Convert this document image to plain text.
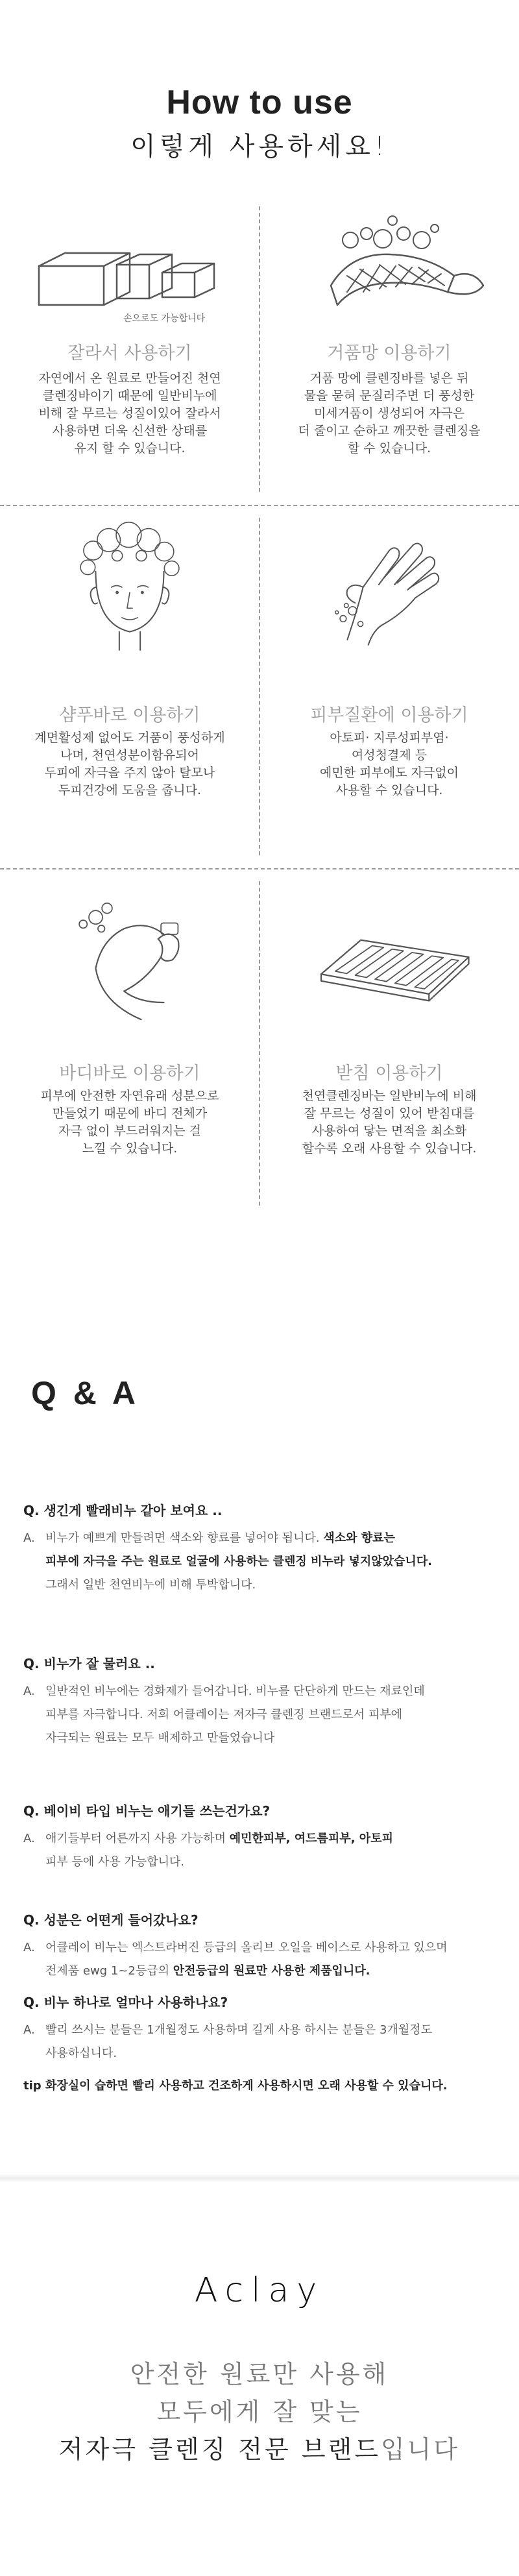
How to use
이렇게 사용하세요!
손으로도 가능합니다
잘라서 사용하기
자연에서 온 원료로 만들어진 천연
클렌징바이기 때문에 일반비누에
비해 잘 무르는 성질이있어 잘라서
사용하면 더욱 신선한 상태를
유지 할 수 있습니다.
거품망 이용하기
거품 망에 클렌징바를 넣은 뒤
물을 묻혀 문질러주면 더 풍성한
미세거품이 생성되어 자극은
더 줄이고 순하고 깨끗한 클렌징을
할 수 있습니다.
샴푸바로 이용하기
계면활성제 없어도 거품이 풍성하게
나며, 천연성분이함유되어
두피에 자극을 주지 않아 탈모나
두피건강에 도움을 줍니다.
피부질환에 이용하기
아토피· 지루성피부염·
여성청결제 등
예민한 피부에도 자극없이
사용할 수 있습니다.
바디바로 이용하기
피부에 안전한 자연유래 성분으로
만들었기 때문에 바디 전체가
자극 없이 부드러워지는 걸
느낄 수 있습니다.
받침 이용하기
천연클렌징바는 일반비누에 비해
잘 무르는 성질이 있어 받침대를
사용하여 닿는 면적을 최소화
할수록 오래 사용할 수 있습니다.
Q & A
Q. 생긴게 빨래비누 같아 보여요 ..
A. 비누가 예쁘게 만들려면 색소와 향료를 넣어야 됩니다. 색소와 향료는
피부에 자극을 주는 원료로 얼굴에 사용하는 클렌징 비누라 넣지않았습니다.
그래서 일반 천연비누에 비해 투박합니다.
Q. 비누가 잘 물러요 ..
A. 일반적인 비누에는 경화제가 들어갑니다. 비누를 단단하게 만드는 재료인데
피부를 자극합니다. 저희 어클레이는 저자극 클렌징 브랜드로서 피부에
자극되는 원료는 모두 배제하고 만들었습니다
Q. 베이비 타입 비누는 애기들 쓰는건가요?
A. 애기들부터 어른까지 사용 가능하며 예민한피부, 여드름피부, 아토피
피부 등에 사용 가능합니다.
Q. 성분은 어떤게 들어갔나요?
A. 어클레이 비누는 엑스트라버진 등급의 올리브 오일을 베이스로 사용하고 있으며
전제품 ewg 1~2등급의 안전등급의 원료만 사용한 제품입니다.
Q. 비누 하나로 얼마나 사용하나요?
A. 빨리 쓰시는 분들은 1개월정도 사용하며 길게 사용 하시는 분들은 3개월정도
사용하십니다.
tip 화장실이 습하면 빨리 사용하고 건조하게 사용하시면 오래 사용할 수 있습니다.
Aclay
안전한 원료만 사용해
모두에게 잘 맞는
저자극 클렌징 전문 브랜드입니다
